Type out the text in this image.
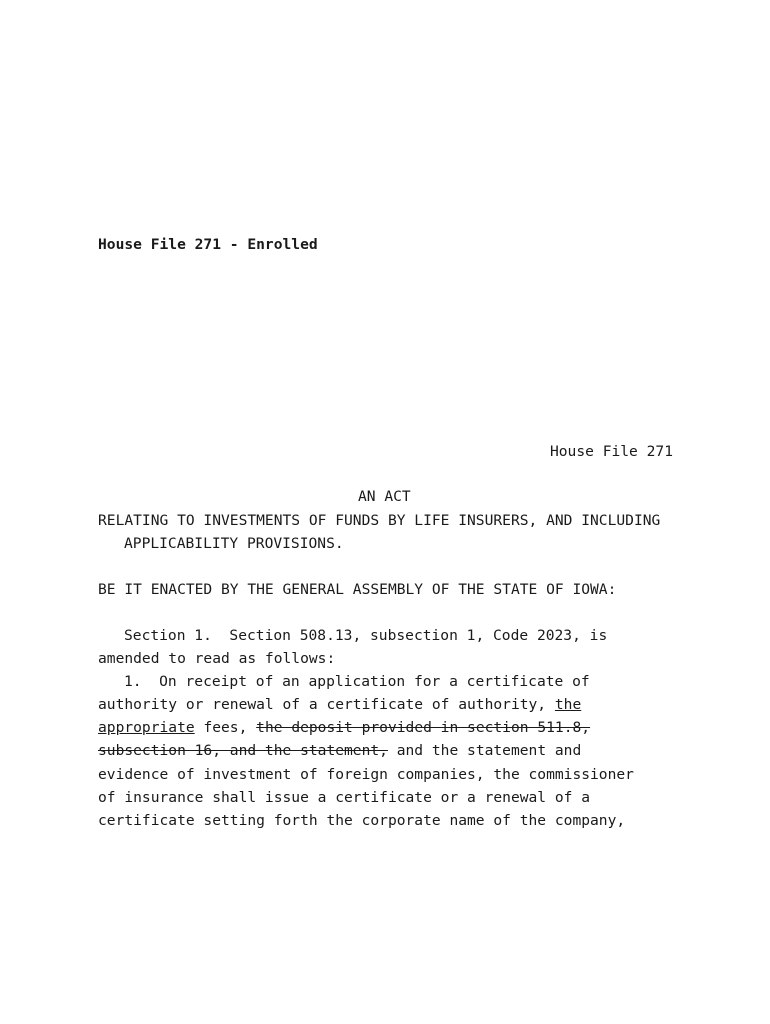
House File 271 - Enrolled
House File 271
AN ACT
RELATING TO INVESTMENTS OF FUNDS BY LIFE INSURERS, AND INCLUDING
APPLICABILITY PROVISIONS.
BE IT ENACTED BY THE GENERAL ASSEMBLY OF THE STATE OF IOWA:
Section 1.  Section 508.13, subsection 1, Code 2023, is
amended to read as follows:
1.  On receipt of an application for a certificate of
authority or renewal of a certificate of authority, the
appropriate fees, the deposit provided in section 511.8,
subsection 16, and the statement, and the statement and
evidence of investment of foreign companies, the commissioner
of insurance shall issue a certificate or a renewal of a
certificate setting forth the corporate name of the company,
